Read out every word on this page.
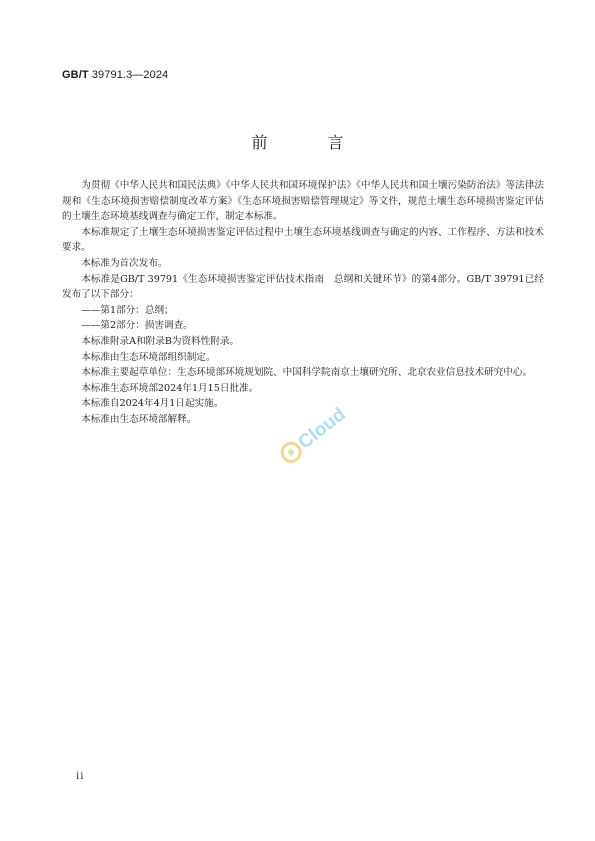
GB/T 39791.3—2024
前　言

为贯彻《中华人民共和国民法典》《中华人民共和国环境保护法》《中华人民共和国土壤污染防治法》等法律法规和《生态环境损害赔偿制度改革方案》《生态环境损害赔偿管理规定》等文件，规范土壤生态环境损害鉴定评估的土壤生态环境基线调查与确定工作，制定本标准。

本标准规定了土壤生态环境损害鉴定评估过程中土壤生态环境基线调查与确定的内容、工作程序、方法和技术要求。

本标准为首次发布。

本标准是GB/T 39791《生态环境损害鉴定评估技术指南　总纲和关键环节》的第4部分。GB/T 39791已经发布了以下部分：

——第1部分：总纲；

——第2部分：损害调查。

本标准附录A和附录B为资料性附录。

本标准由生态环境部组织制定。

本标准主要起草单位：生态环境部环境规划院、中国科学院南京土壤研究所、北京农业信息技术研究中心。

本标准生态环境部2024年1月15日批准。

本标准自2024年4月1日起实施。

本标准由生态环境部解释。	Cloud
ii
